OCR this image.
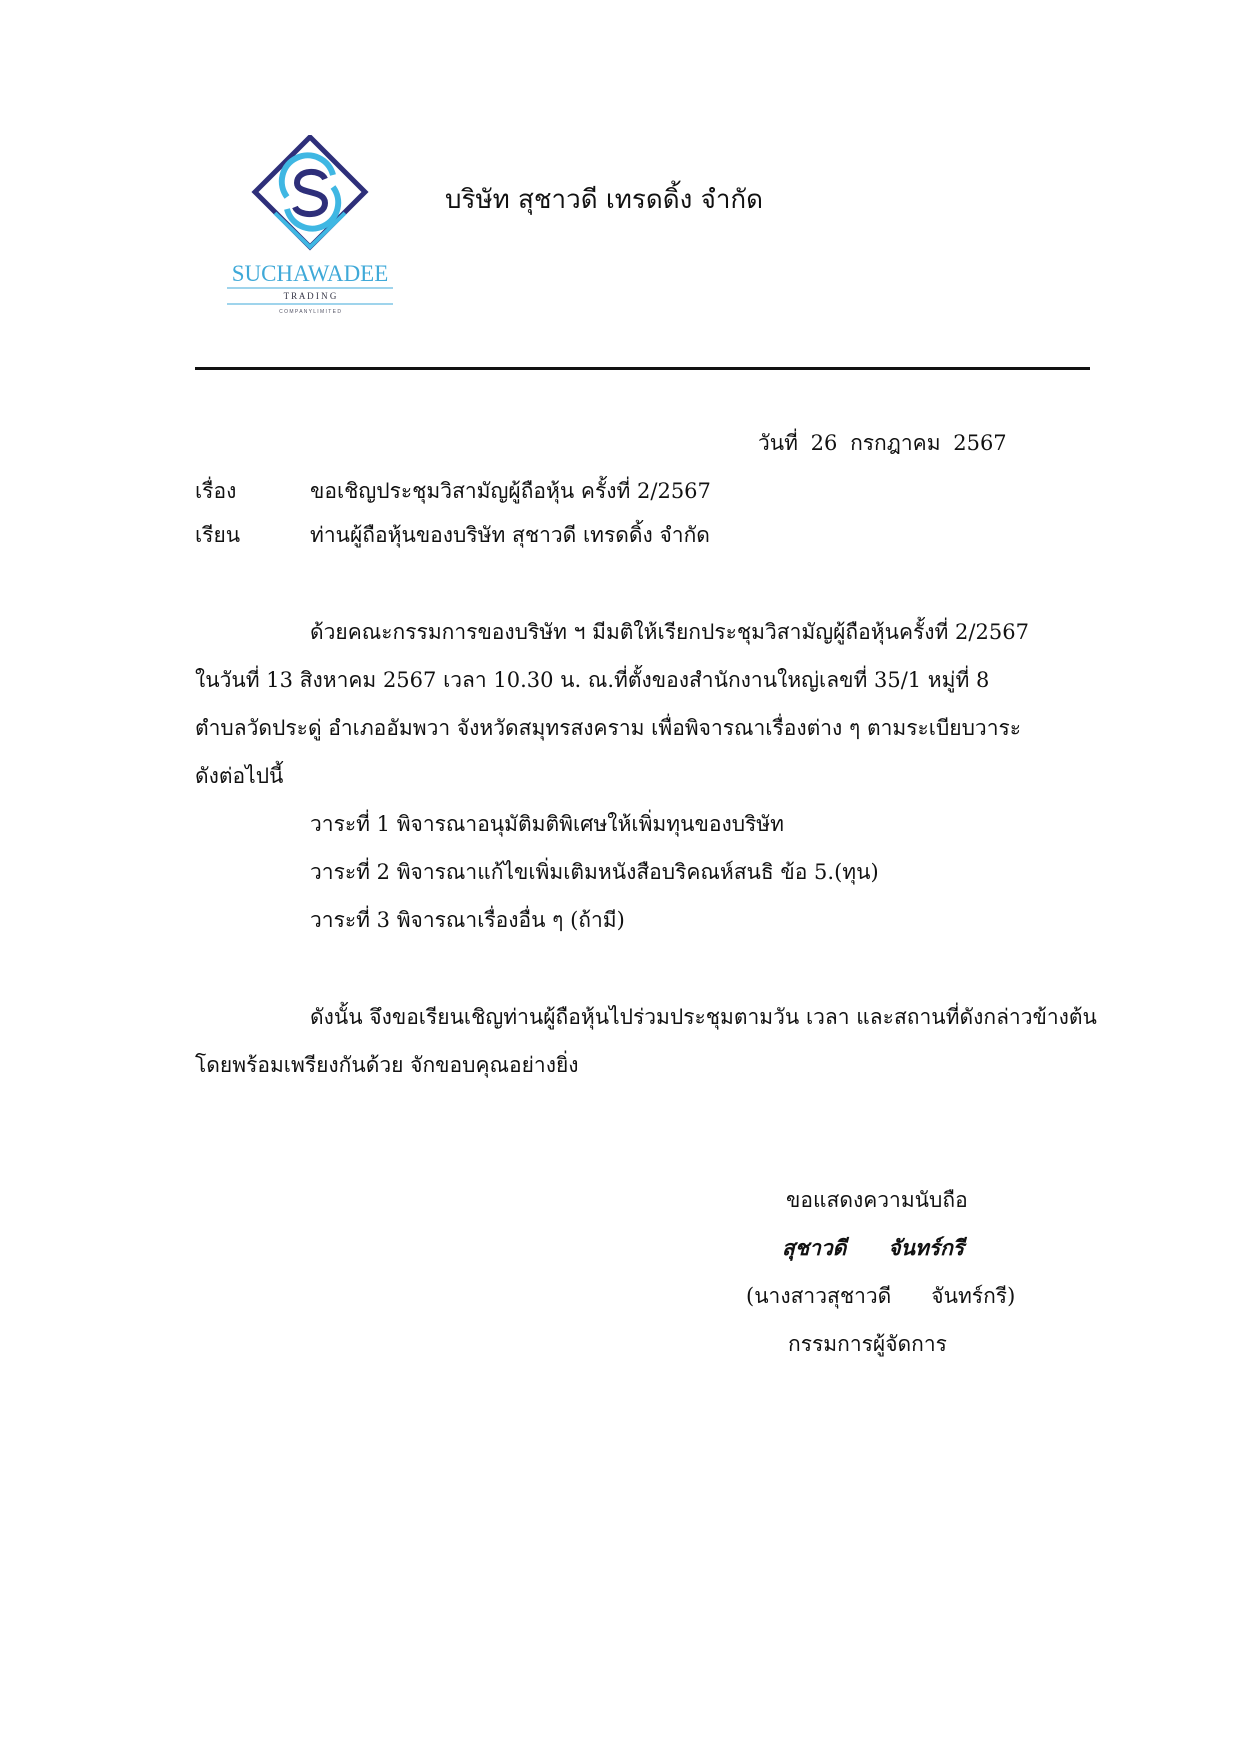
SUCHAWADEE
T R A D I N G
C O M P A N Y L I M I T E D
บริษัท สุชาวดี เทรดดิ้ง จำกัด
วันที่ 26 กรกฎาคม 2567
เรื่อง	ขอเชิญประชุมวิสามัญผู้ถือหุ้น ครั้งที่ 2/2567
เรียน	ท่านผู้ถือหุ้นของบริษัท สุชาวดี เทรดดิ้ง จำกัด
ด้วยคณะกรรมการของบริษัท ฯ มีมติให้เรียกประชุมวิสามัญผู้ถือหุ้นครั้งที่ 2/2567
ในวันที่ 13 สิงหาคม 2567 เวลา 10.30 น. ณ.ที่ตั้งของสำนักงานใหญ่เลขที่ 35/1 หมู่ที่ 8
ตำบลวัดประดู่ อำเภออัมพวา จังหวัดสมุทรสงคราม เพื่อพิจารณาเรื่องต่าง ๆ ตามระเบียบวาระ
ดังต่อไปนี้
วาระที่ 1 พิจารณาอนุมัติมติพิเศษให้เพิ่มทุนของบริษัท
วาระที่ 2 พิจารณาแก้ไขเพิ่มเติมหนังสือบริคณห์สนธิ ข้อ 5.(ทุน)
วาระที่ 3 พิจารณาเรื่องอื่น ๆ (ถ้ามี)
ดังนั้น จึงขอเรียนเชิญท่านผู้ถือหุ้นไปร่วมประชุมตามวัน เวลา และสถานที่ดังกล่าวข้างต้น
โดยพร้อมเพรียงกันด้วย จักขอบคุณอย่างยิ่ง
ขอแสดงความนับถือ
สุชาวดี จันทร์กรี
(นางสาวสุชาวดี จันทร์กรี)
กรรมการผู้จัดการ
